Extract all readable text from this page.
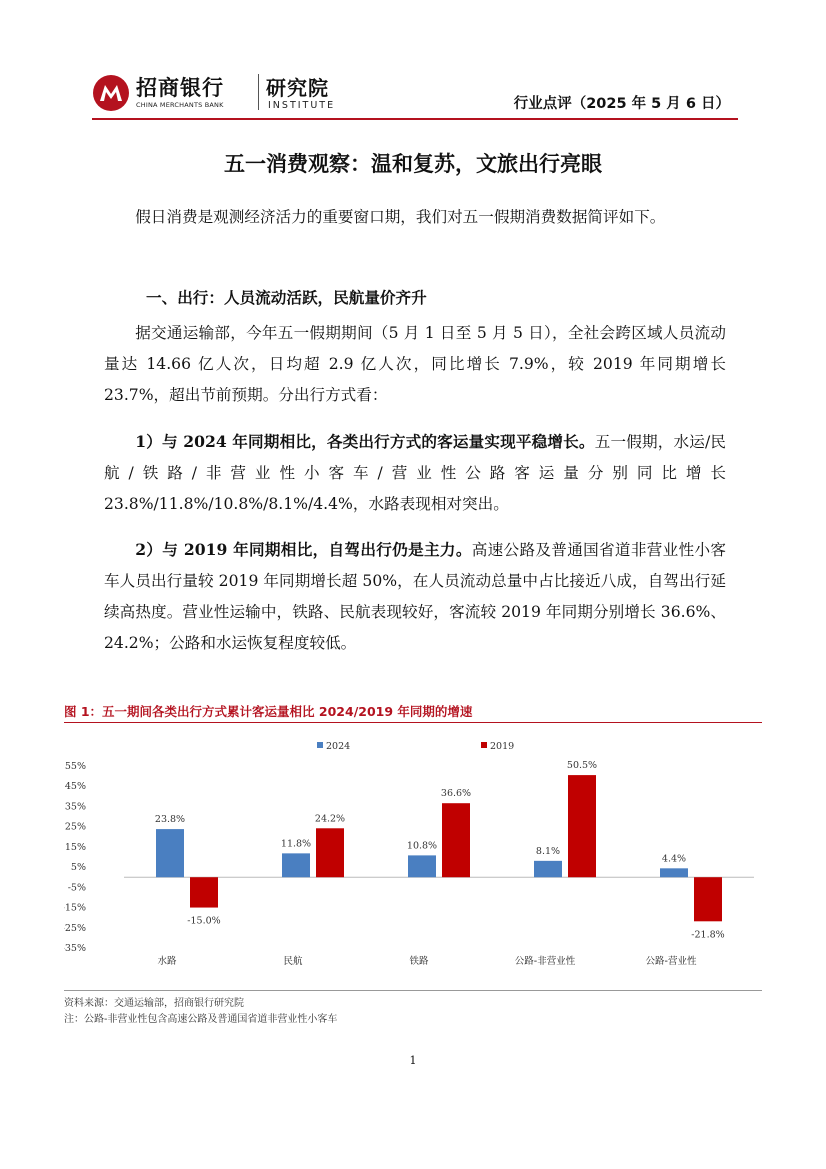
招商银行
CHINA MERCHANTS BANK
研究院
INSTITUTE	行业点评（2025 年 5 月 6 日）
五一消费观察：温和复苏，文旅出行亮眼
假日消费是观测经济活力的重要窗口期，我们对五一假期消费数据简评如下。
一、出行：人员流动活跃，民航量价齐升
据交通运输部，今年五一假期期间（5 月 1 日至 5 月 5 日），全社会跨区域人员流动量达 14.66 亿人次，日均超 2.9 亿人次，同比增长 7.9%，较 2019 年同期增长 23.7%，超出节前预期。分出行方式看：
1）与 2024 年同期相比，各类出行方式的客运量实现平稳增长。五一假期，水运/民航/铁路/非营业性小客车/营业性公路客运量分别同比增长 23.8%/11.8%/10.8%/8.1%/4.4%，水路表现相对突出。
2）与 2019 年同期相比，自驾出行仍是主力。高速公路及普通国省道非营业性小客车人员出行量较 2019 年同期增长超 50%，在人员流动总量中占比接近八成，自驾出行延续高热度。营业性运输中，铁路、民航表现较好，客流较 2019 年同期分别增长 36.6%、24.2%；公路和水运恢复程度较低。
图 1：五一期间各类出行方式累计客运量相比 2024/2019 年同期的增速
55%
45%
35%
25%
15%
5%
-5%
-15%
-25%
-35%
2024	2019
23.8%
-15.0%
水路
11.8%
24.2%
民航
10.8%
36.6%
铁路
8.1%
50.5%
公路-非营业性
4.4%
-21.8%
公路-营业性
资料来源：交通运输部，招商银行研究院
注：公路-非营业性包含高速公路及普通国省道非营业性小客车
1
